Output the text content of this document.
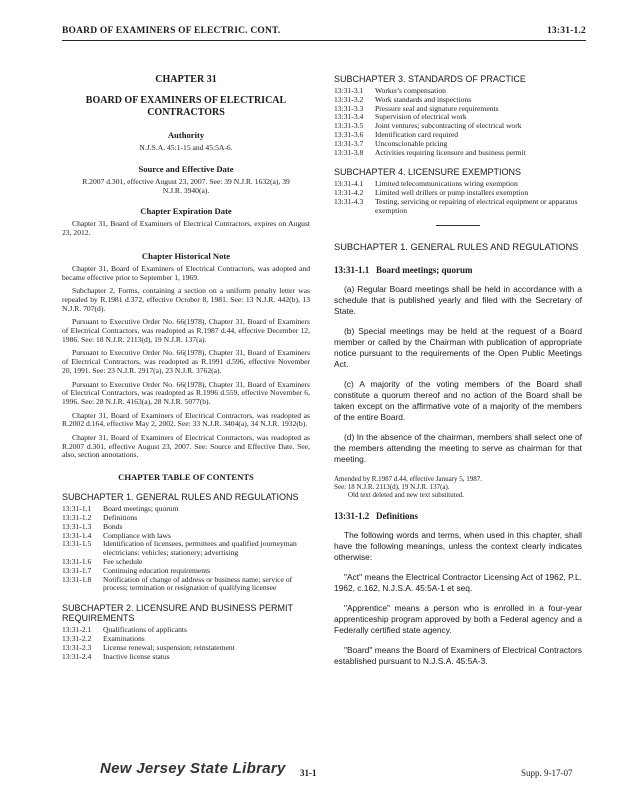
BOARD OF EXAMINERS OF ELECTRIC. CONT.	13:31-1.2
CHAPTER 31
BOARD OF EXAMINERS OF ELECTRICAL CONTRACTORS
Authority
N.J.S.A. 45:1-15 and 45:5A-6.
Source and Effective Date
R.2007 d.301, effective August 23, 2007. See: 39 N.J.R. 1632(a), 39 N.J.R. 3940(a).
Chapter Expiration Date
Chapter 31, Board of Examiners of Electrical Contractors, expires on August 23, 2012.
Chapter Historical Note

Chapter 31, Board of Examiners of Electrical Contractors, was adopted and became effective prior to September 1, 1969.

Subchapter 2, Forms, containing a section on a uniform penalty letter was repealed by R.1981 d.372, effective October 8, 1981. See: 13 N.J.R. 442(b), 13 N.J.R. 707(d).

Pursuant to Executive Order No. 66(1978), Chapter 31, Board of Examiners of Electrical Contractors, was readopted as R.1987 d.44, effective December 12, 1986. See: 18 N.J.R. 2113(d), 19 N.J.R. 137(a).

Pursuant to Executive Order No. 66(1978), Chapter 31, Board of Examiners of Electrical Contractors, was readopted as R.1991 d.596, effective November 20, 1991. See: 23 N.J.R. 2917(a), 23 N.J.R. 3762(a).

Pursuant to Executive Order No. 66(1978), Chapter 31, Board of Examiners of Electrical Contractors, was readopted as R.1996 d.559, effective November 6, 1996. See: 28 N.J.R. 4163(a), 28 N.J.R. 5077(b).

Chapter 31, Board of Examiners of Electrical Contractors, was readopted as R.2002 d.164, effective May 2, 2002. See: 33 N.J.R. 3404(a), 34 N.J.R. 1932(b).

Chapter 31, Board of Examiners of Electrical Contractors, was readopted as R.2007 d.301, effective August 23, 2007. See: Source and Effective Date. See, also, section annotations.

CHAPTER TABLE OF CONTENTS
SUBCHAPTER 1. GENERAL RULES AND REGULATIONS
13:31-1.1	Board meetings; quorum
13:31-1.2	Definitions
13:31-1.3	Bonds
13:31-1.4	Compliance with laws
13:31-1.5	Identification of licensees, permittees and qualified journeyman electricians: vehicles; stationery; advertising
13:31-1.6	Fee schedule
13:31-1.7	Continuing education requirements
13:31-1.8	Notification of change of address or business name; service of process; termination or resignation of qualifying licensee
SUBCHAPTER 2. LICENSURE AND BUSINESS PERMIT REQUIREMENTS
13:31-2.1	Qualifications of applicants
13:31-2.2	Examinations
13:31-2.3	License renewal; suspension; reinstatement
13:31-2.4	Inactive license status
SUBCHAPTER 3. STANDARDS OF PRACTICE
13:31-3.1	Worker's compensation
13:31-3.2	Work standards and inspections
13:31-3.3	Pressure seal and signature requirements
13:31-3.4	Supervision of electrical work
13:31-3.5	Joint ventures; subcontracting of electrical work
13:31-3.6	Identification card required
13:31-3.7	Unconscionable pricing
13:31-3.8	Activities requiring licensure and business permit
SUBCHAPTER 4. LICENSURE EXEMPTIONS
13:31-4.1	Limited telecommunications wiring exemption
13:31-4.2	Limited well drillers or pump installers exemption
13:31-4.3	Testing, servicing or repairing of electrical equipment or apparatus exemption
SUBCHAPTER 1. GENERAL RULES AND REGULATIONS
13:31-1.1 Board meetings; quorum

(a) Regular Board meetings shall be held in accordance with a schedule that is published yearly and filed with the Secretary of State.

(b) Special meetings may be held at the request of a Board member or called by the Chairman with publication of appropriate notice pursuant to the requirements of the Open Public Meetings Act.

(c) A majority of the voting members of the Board shall constitute a quorum thereof and no action of the Board shall be taken except on the affirmative vote of a majority of the members of the entire Board.

(d) In the absence of the chairman, members shall select one of the members attending the meeting to serve as chairman for that meeting.

Amended by R.1987 d.44, effective January 5, 1987.
See: 18 N.J.R. 2113(d), 19 N.J.R. 137(a).
Old text deleted and new text substituted.
13:31-1.2 Definitions

The following words and terms, when used in this chapter, shall have the following meanings, unless the context clearly indicates otherwise:

"Act" means the Electrical Contractor Licensing Act of 1962, P.L. 1962, c.162, N.J.S.A. 45:5A-1 et seq.

"Apprentice" means a person who is enrolled in a four-year apprenticeship program approved by both a Federal agency and a Federally certified state agency.

"Board" means the Board of Examiners of Electrical Contractors established pursuant to N.J.S.A. 45:5A-3.

New Jersey State Library 31-1	Supp. 9-17-07
